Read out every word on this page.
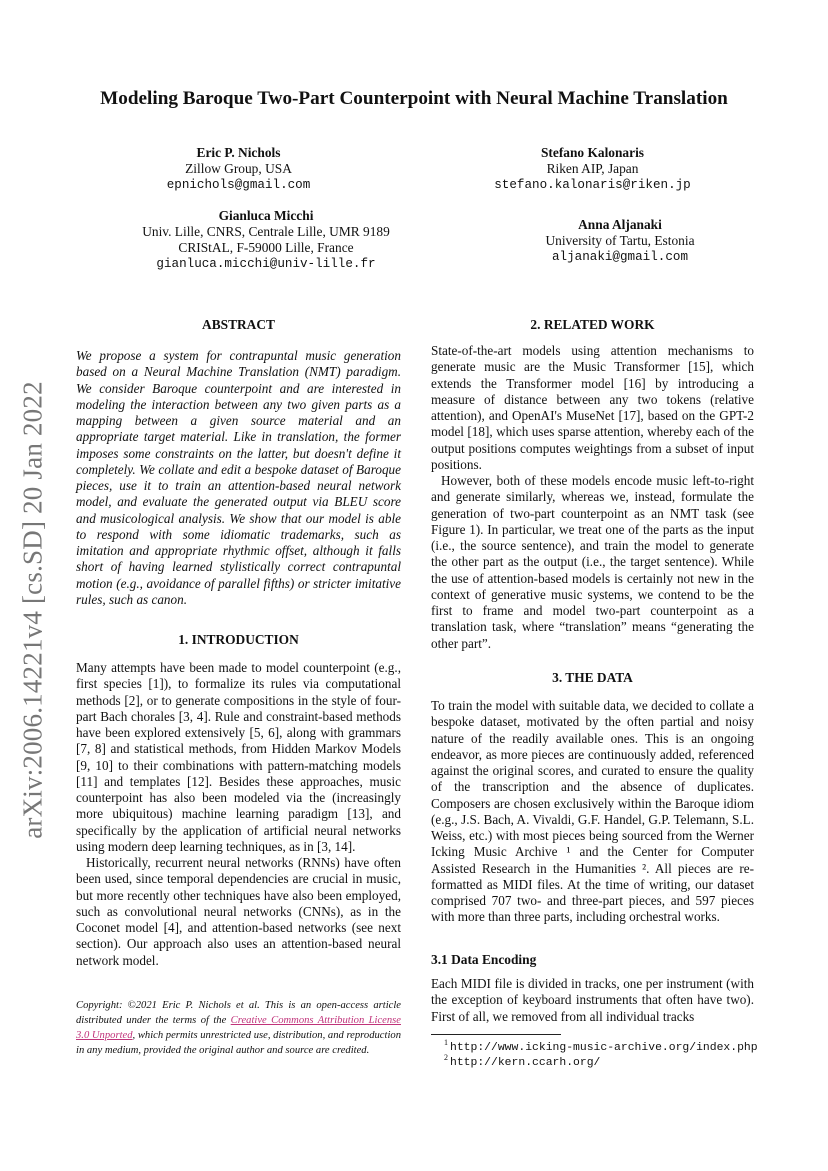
arXiv:2006.14221v4 [cs.SD] 20 Jan 2022
Modeling Baroque Two-Part Counterpoint with Neural Machine Translation
Eric P. Nichols
Zillow Group, USA
epnichols@gmail.com
Stefano Kalonaris
Riken AIP, Japan
stefano.kalonaris@riken.jp
Gianluca Micchi
Univ. Lille, CNRS, Centrale Lille, UMR 9189
CRIStAL, F-59000 Lille, France
gianluca.micchi@univ-lille.fr
Anna Aljanaki
University of Tartu, Estonia
aljanaki@gmail.com
ABSTRACT

We propose a system for contrapuntal music generation based on a Neural Machine Translation (NMT) paradigm. We consider Baroque counterpoint and are interested in modeling the interaction between any two given parts as a mapping between a given source material and an appropriate target material. Like in translation, the former imposes some constraints on the latter, but doesn't define it completely. We collate and edit a bespoke dataset of Baroque pieces, use it to train an attention-based neural network model, and evaluate the generated output via BLEU score and musicological analysis. We show that our model is able to respond with some idiomatic trademarks, such as imitation and appropriate rhythmic offset, although it falls short of having learned stylistically correct contrapuntal motion (e.g., avoidance of parallel fifths) or stricter imitative rules, such as canon.

1. INTRODUCTION

Many attempts have been made to model counterpoint (e.g., first species [1]), to formalize its rules via computational methods [2], or to generate compositions in the style of four-part Bach chorales [3, 4]. Rule and constraint-based methods have been explored extensively [5, 6], along with grammars [7, 8] and statistical methods, from Hidden Markov Models [9, 10] to their combinations with pattern-matching models [11] and templates [12]. Besides these approaches, music counterpoint has also been modeled via the (increasingly more ubiquitous) machine learning paradigm [13], and specifically by the application of artificial neural networks using modern deep learning techniques, as in [3, 14].

Historically, recurrent neural networks (RNNs) have often been used, since temporal dependencies are crucial in music, but more recently other techniques have also been employed, such as convolutional neural networks (CNNs), as in the Coconet model [4], and attention-based networks (see next section). Our approach also uses an attention-based neural network model.

Copyright: ©2021 Eric P. Nichols et al. This is an open-access article distributed under the terms of the Creative Commons Attribution License 3.0 Unported, which permits unrestricted use, distribution, and reproduction in any medium, provided the original author and source are credited.

2. RELATED WORK

State-of-the-art models using attention mechanisms to generate music are the Music Transformer [15], which extends the Transformer model [16] by introducing a measure of distance between any two tokens (relative attention), and OpenAI's MuseNet [17], based on the GPT-2 model [18], which uses sparse attention, whereby each of the output positions computes weightings from a subset of input positions.

However, both of these models encode music left-to-right and generate similarly, whereas we, instead, formulate the generation of two-part counterpoint as an NMT task (see Figure 1). In particular, we treat one of the parts as the input (i.e., the source sentence), and train the model to generate the other part as the output (i.e., the target sentence). While the use of attention-based models is certainly not new in the context of generative music systems, we contend to be the first to frame and model two-part counterpoint as a translation task, where “translation” means “generating the other part”.

3. THE DATA

To train the model with suitable data, we decided to collate a bespoke dataset, motivated by the often partial and noisy nature of the readily available ones. This is an ongoing endeavor, as more pieces are continuously added, referenced against the original scores, and curated to ensure the quality of the transcription and the absence of duplicates. Composers are chosen exclusively within the Baroque idiom (e.g., J.S. Bach, A. Vivaldi, G.F. Handel, G.P. Telemann, S.L. Weiss, etc.) with most pieces being sourced from the Werner Icking Music Archive ¹ and the Center for Computer Assisted Research in the Humanities ². All pieces are re-formatted as MIDI files. At the time of writing, our dataset comprised 707 two- and three-part pieces, and 597 pieces with more than three parts, including orchestral works.

3.1 Data Encoding

Each MIDI file is divided in tracks, one per instrument (with the exception of keyboard instruments that often have two). First of all, we removed from all individual tracks

$^1$ http://www.icking-music-archive.org/index.php
$^2$ http://kern.ccarh.org/
